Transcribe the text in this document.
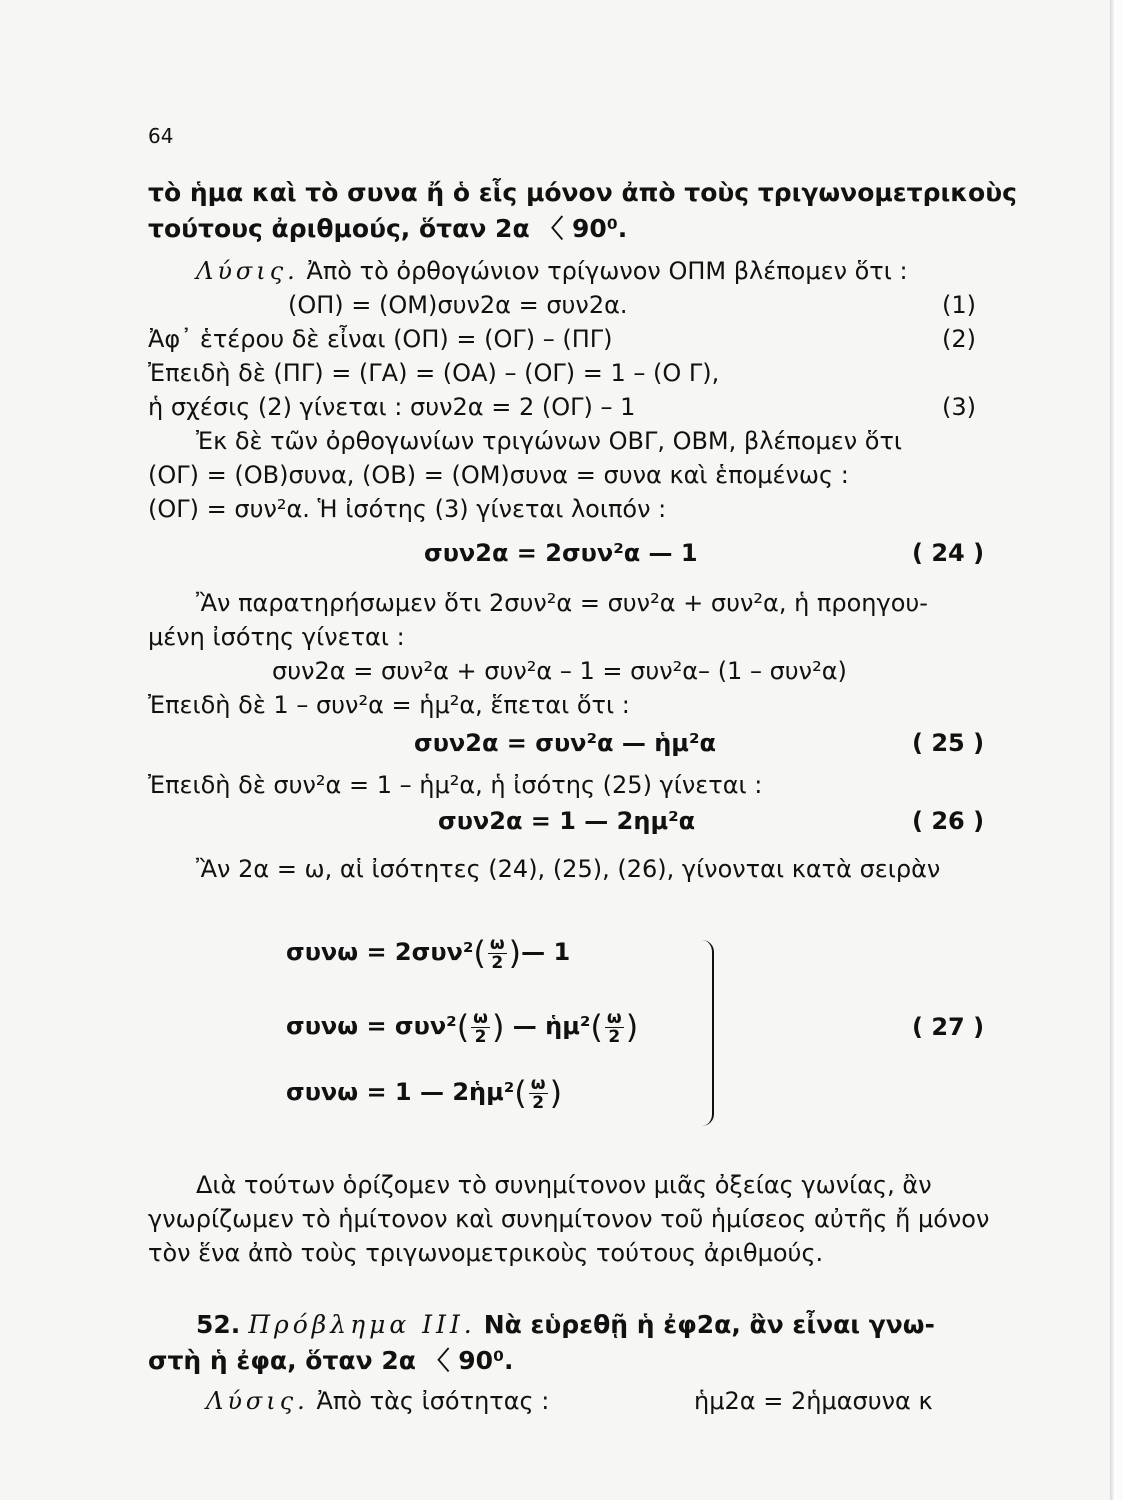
64
τὸ ἡμα καὶ τὸ συνα ἤ ὁ εἷς μόνον ἀπὸ τοὺς τριγωνομετρικοὺς
τούτους ἀριθμούς, ὅταν 2α 〈 90⁰.
Λύσις. Ἀπὸ τὸ ὀρθογώνιον τρίγωνον ΟΠΜ βλέπομεν ὅτι :
(ΟΠ) = (ΟΜ)συν2α = συν2α.	(1)
Ἀφ᾽ ἑτέρου δὲ εἶναι (ΟΠ) = (ΟΓ) – (ΠΓ)	(2)
Ἐπειδὴ δὲ (ΠΓ) = (ΓΑ) = (ΟΑ) – (ΟΓ) = 1 – (Ο Γ),
ἡ σχέσις (2) γίνεται : συν2α = 2 (ΟΓ) – 1	(3)
Ἐκ δὲ τῶν ὀρθογωνίων τριγώνων ΟΒΓ, ΟΒΜ, βλέπομεν ὅτι
(ΟΓ) = (ΟΒ)συνα, (ΟΒ) = (ΟΜ)συνα = συνα καὶ ἑπομένως :
(ΟΓ) = συν²α. Ἡ ἰσότης (3) γίνεται λοιπόν :
συν2α = 2συν²α — 1	( 24 )
Ἂν παρατηρήσωμεν ὅτι 2συν²α = συν²α + συν²α, ἡ προηγου-
μένη ἰσότης γίνεται :
συν2α = συν²α + συν²α – 1 = συν²α– (1 – συν²α)
Ἐπειδὴ δὲ 1 – συν²α = ἡμ²α, ἕπεται ὅτι :
συν2α = συν²α — ἡμ²α	( 25 )
Ἐπειδὴ δὲ συν²α = 1 – ἡμ²α, ἡ ἰσότης (25) γίνεται :
συν2α = 1 — 2ημ²α	( 26 )
Ἂν 2α = ω, αἱ ἰσότητες (24), (25), (26), γίνονται κατὰ σειρὰν
$\sigma\upsilon\nu\omega = 2\sigma\upsilon\nu^2( \frac{\omega}{2}$ )— 1
$\sigma\upsilon\nu\omega = \sigma\upsilon\nu^2( \frac{\omega}{2}$ ) — ἡμ²( $\frac{\omega}{2}$ )
συνω = 1 — 2ἡμ²( $\frac{\omega}{2}$ )
( 27 )
Διὰ τούτων ὁρίζομεν τὸ συνημίτονον μιᾶς ὀξείας γωνίας, ἂν
γνωρίζωμεν τὸ ἡμίτονον καὶ συνημίτονον τοῦ ἡμίσεος αὐτῆς ἤ μόνον
τὸν ἕνα ἀπὸ τοὺς τριγωνομετρικοὺς τούτους ἀριθμούς.
52. Πρόβλημα III. Νὰ εὑρεθῇ ἡ ἐφ2α, ἂν εἶναι γνω-
στὴ ἡ ἐφα, ὅταν 2α 〈 90⁰.
Λύσις. Ἀπὸ τὰς ἰσότητας :	ἡμ2α = 2ἡμασυνα κ
